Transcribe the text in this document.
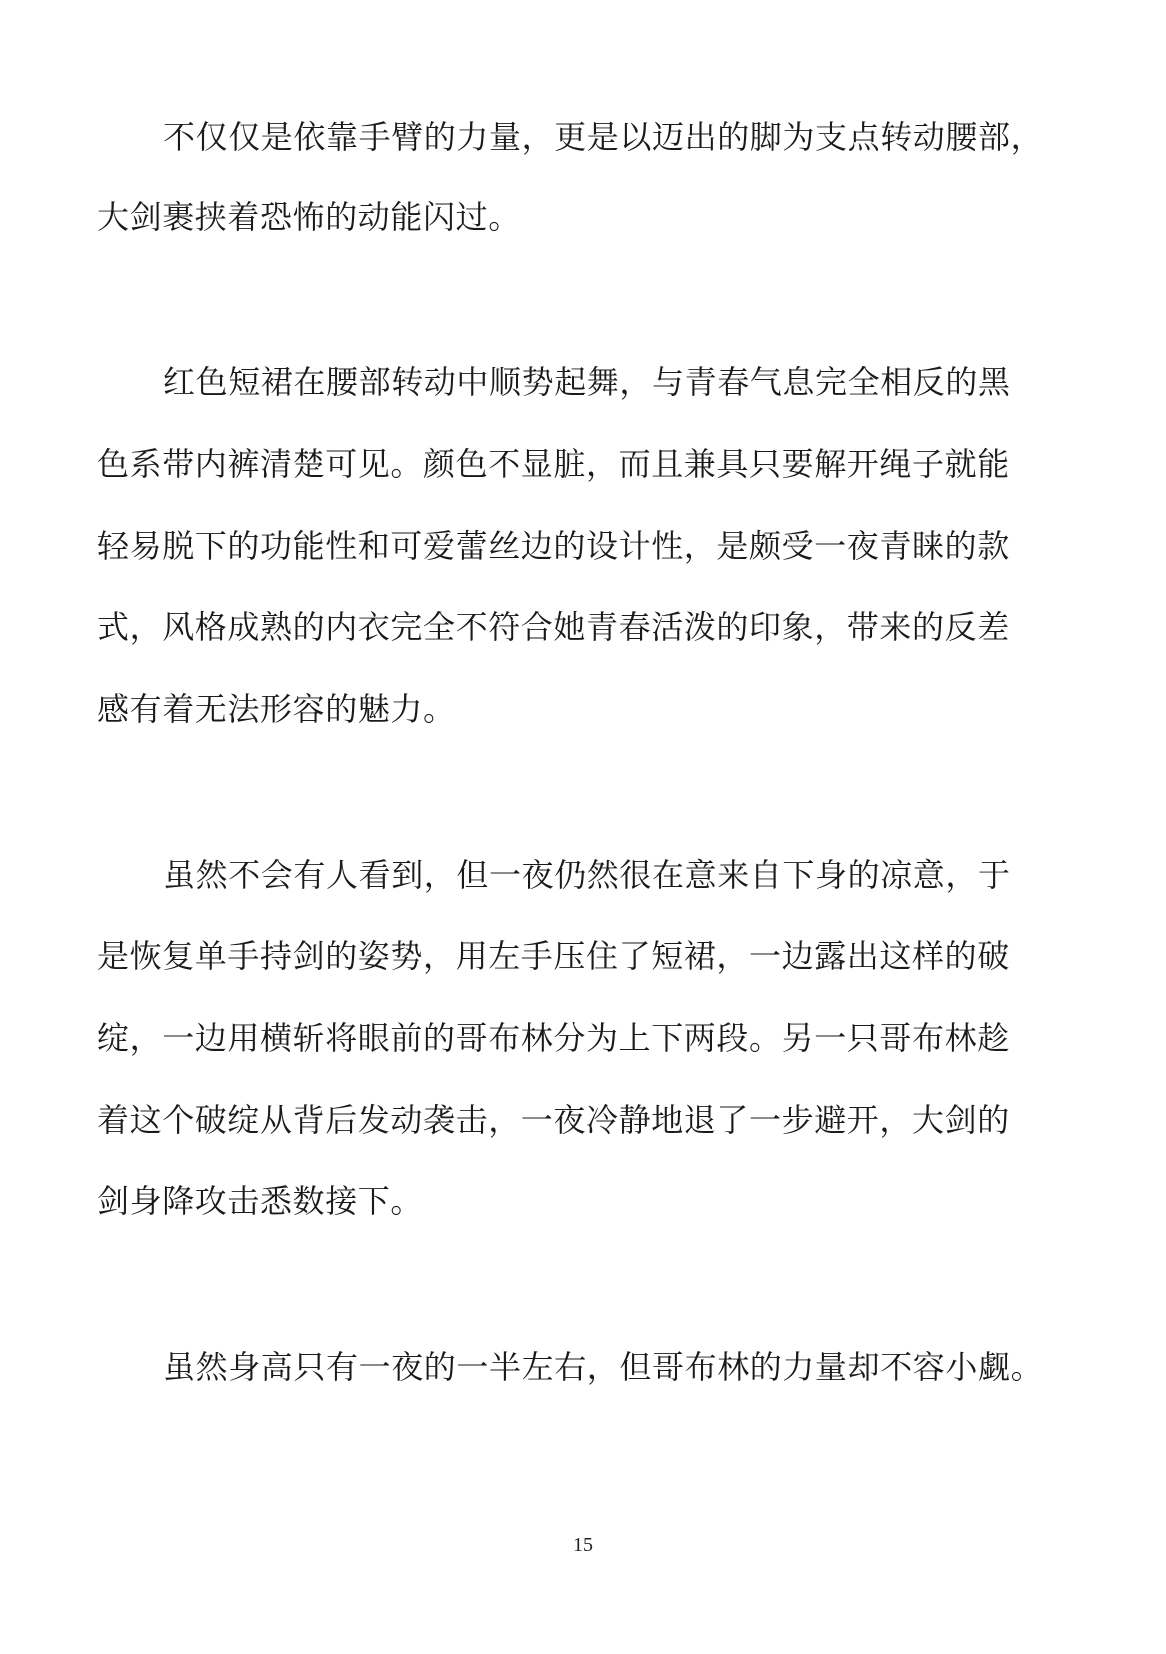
不仅仅是依靠手臂的力量，更是以迈出的脚为支点转动腰部，
大剑裹挟着恐怖的动能闪过。
红色短裙在腰部转动中顺势起舞，与青春气息完全相反的黑
色系带内裤清楚可见。颜色不显脏，而且兼具只要解开绳子就能
轻易脱下的功能性和可爱蕾丝边的设计性，是颇受一夜青睐的款
式，风格成熟的内衣完全不符合她青春活泼的印象，带来的反差
感有着无法形容的魅力。
虽然不会有人看到，但一夜仍然很在意来自下身的凉意，于
是恢复单手持剑的姿势，用左手压住了短裙，一边露出这样的破
绽，一边用横斩将眼前的哥布林分为上下两段。另一只哥布林趁
着这个破绽从背后发动袭击，一夜冷静地退了一步避开，大剑的
剑身降攻击悉数接下。
虽然身高只有一夜的一半左右，但哥布林的力量却不容小觑。
15
